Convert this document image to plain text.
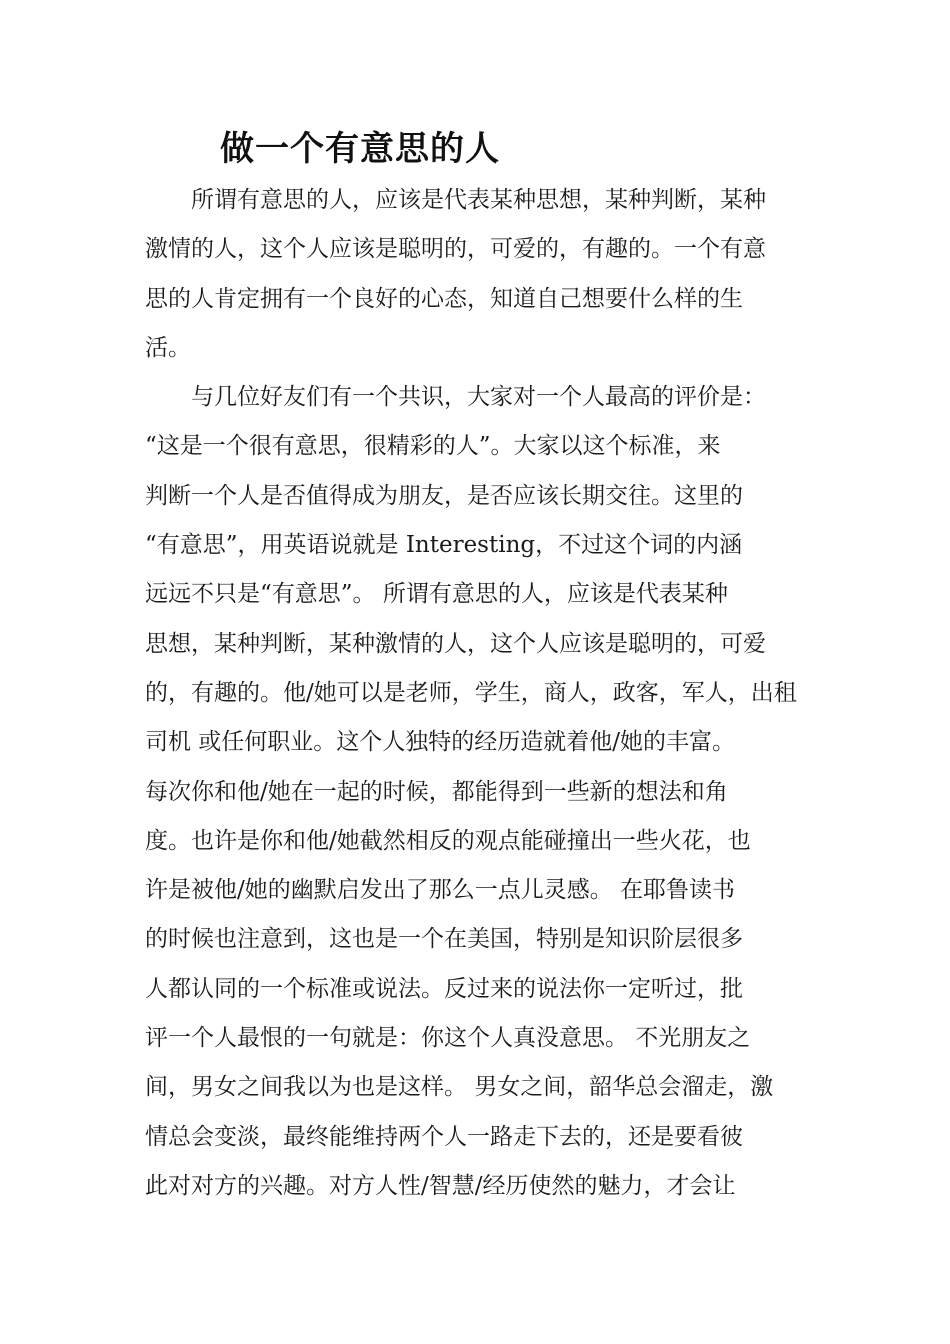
做一个有意思的人
　　所谓有意思的人，应该是代表某种思想，某种判断，某种
激情的人，这个人应该是聪明的，可爱的，有趣的。一个有意
思的人肯定拥有一个良好的心态，知道自己想要什么样的生
活。
　　与几位好友们有一个共识，大家对一个人最高的评价是：
“这是一个很有意思，很精彩的人”。大家以这个标准，来
判断一个人是否值得成为朋友，是否应该长期交往。这里的
“有意思”，用英语说就是 Interesting，不过这个词的内涵
远远不只是“有意思”。 所谓有意思的人，应该是代表某种
思想，某种判断，某种激情的人，这个人应该是聪明的，可爱
的，有趣的。他/她可以是老师，学生，商人，政客，军人，出租
司机 或任何职业。这个人独特的经历造就着他/她的丰富。
每次你和他/她在一起的时候，都能得到一些新的想法和角
度。也许是你和他/她截然相反的观点能碰撞出一些火花，也
许是被他/她的幽默启发出了那么一点儿灵感。 在耶鲁读书
的时候也注意到，这也是一个在美国，特别是知识阶层很多
人都认同的一个标准或说法。反过来的说法你一定听过，批
评一个人最恨的一句就是：你这个人真没意思。 不光朋友之
间，男女之间我以为也是这样。 男女之间，韶华总会溜走，激
情总会变淡，最终能维持两个人一路走下去的，还是要看彼
此对对方的兴趣。对方人性/智慧/经历使然的魅力，才会让
